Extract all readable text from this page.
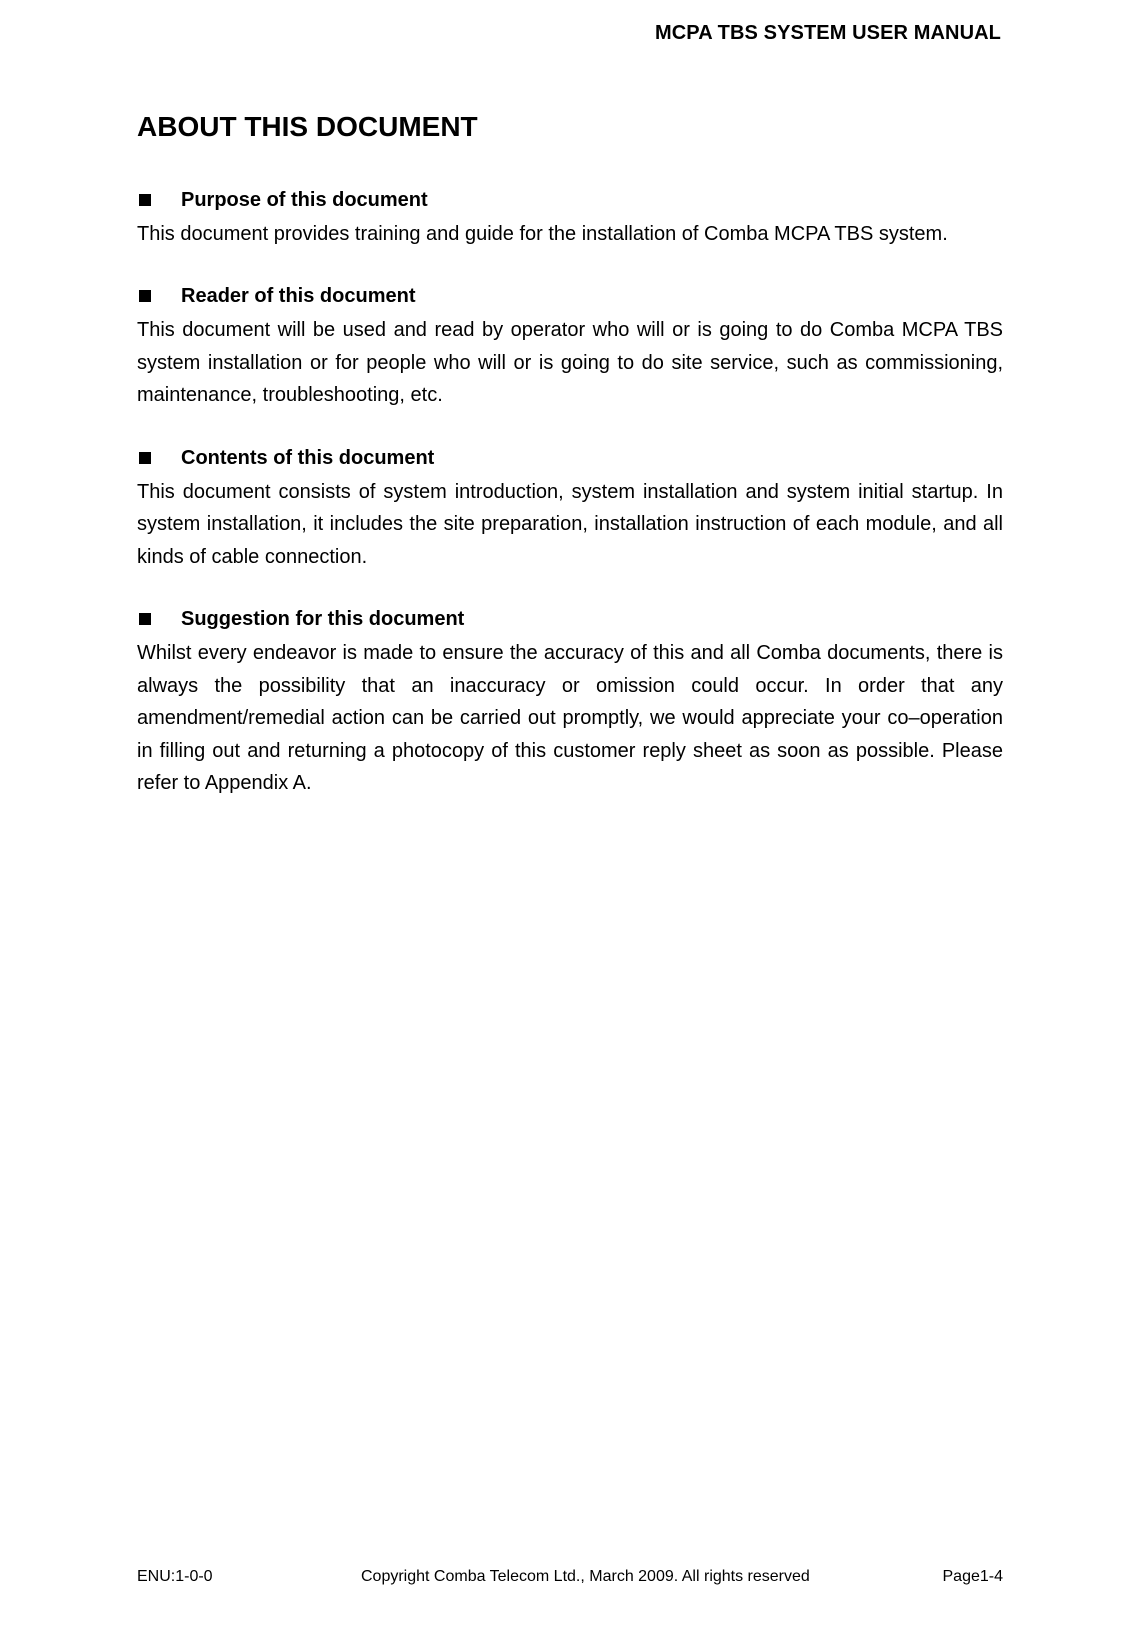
MCPA TBS SYSTEM USER MANUAL
ABOUT THIS DOCUMENT
Purpose of this document

This document provides training and guide for the installation of Comba MCPA TBS system.

Reader of this document

This document will be used and read by operator who will or is going to do Comba MCPA TBS system installation or for people who will or is going to do site service, such as commissioning, maintenance, troubleshooting, etc.

Contents of this document

This document consists of system introduction, system installation and system initial startup. In system installation, it includes the site preparation, installation instruction of each module, and all kinds of cable connection.

Suggestion for this document

Whilst every endeavor is made to ensure the accuracy of this and all Comba documents, there is always the possibility that an inaccuracy or omission could occur. In order that any amendment/remedial action can be carried out promptly, we would appreciate your co–operation in filling out and returning a photocopy of this customer reply sheet as soon as possible. Please refer to Appendix A.

ENU:1-0-0	Copyright Comba Telecom Ltd., March 2009. All rights reserved	Page1-4
